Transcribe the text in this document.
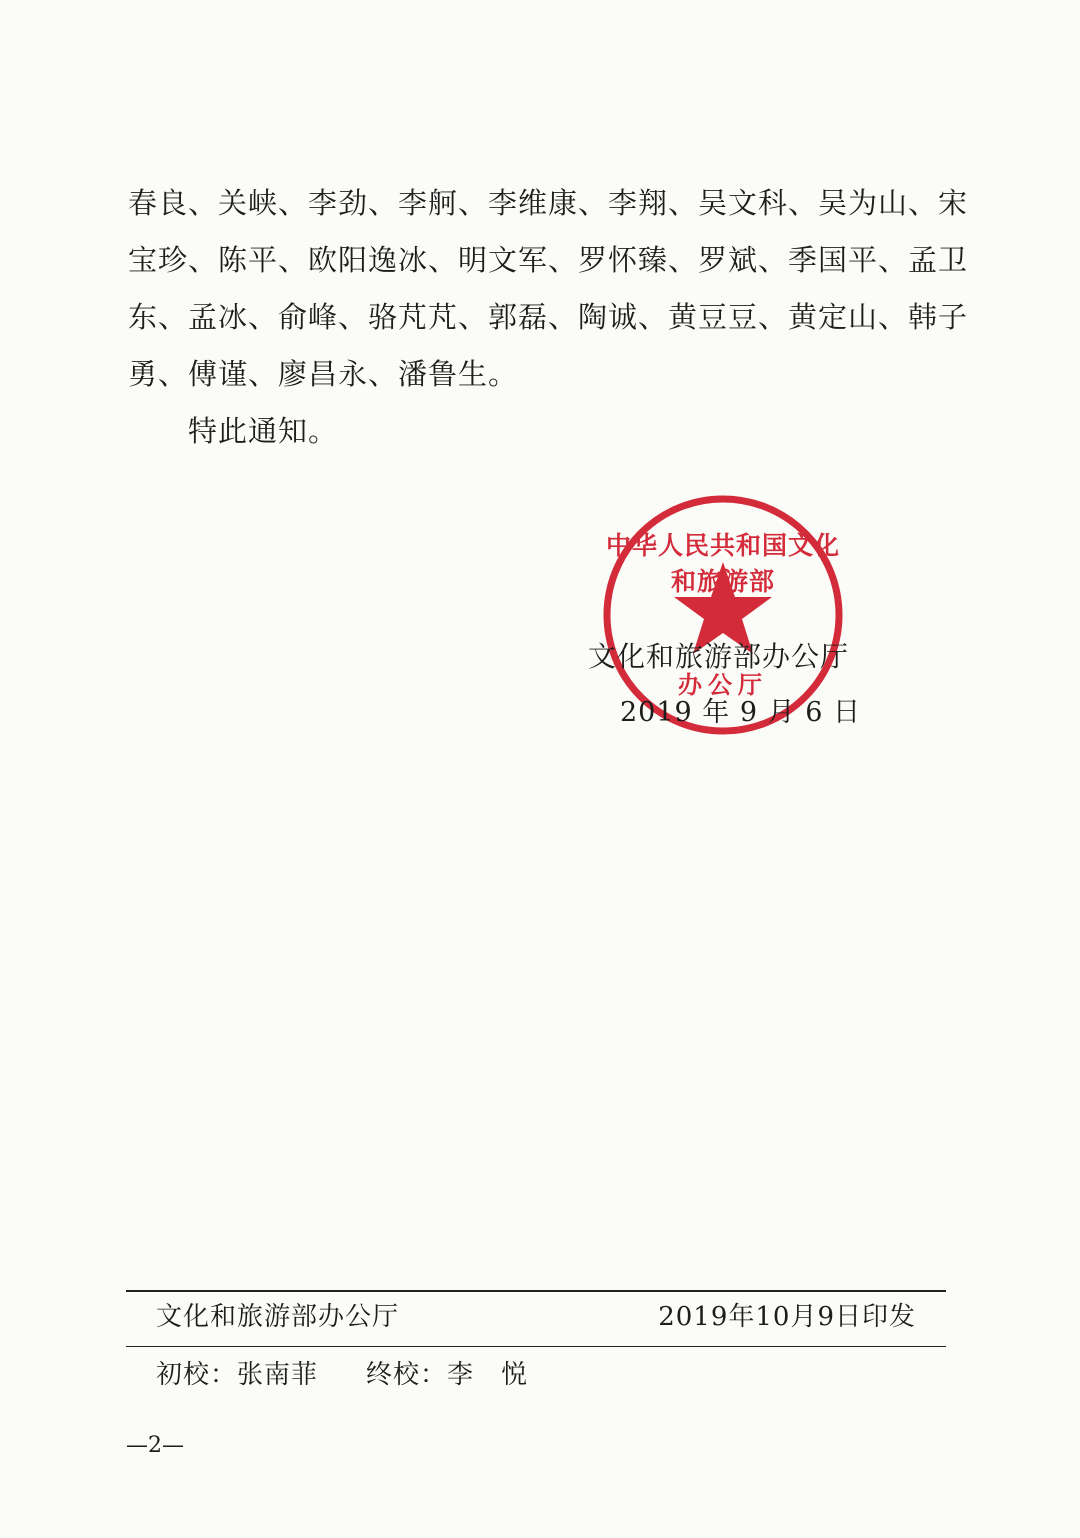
春良、关峡、李劲、李舸、李维康、李翔、吴文科、吴为山、宋
宝珍、陈平、欧阳逸冰、明文军、罗怀臻、罗斌、季国平、孟卫
东、孟冰、俞峰、骆芃芃、郭磊、陶诚、黄豆豆、黄定山、韩子
勇、傅谨、廖昌永、潘鲁生。
特此通知。
中华人民共和国文化和旅游部
办公厅
文化和旅游部办公厅
2019 年 9 月 6 日
文化和旅游部办公厅	2019年10月9日印发
初校：张南菲 终校：李　悦
—2—
